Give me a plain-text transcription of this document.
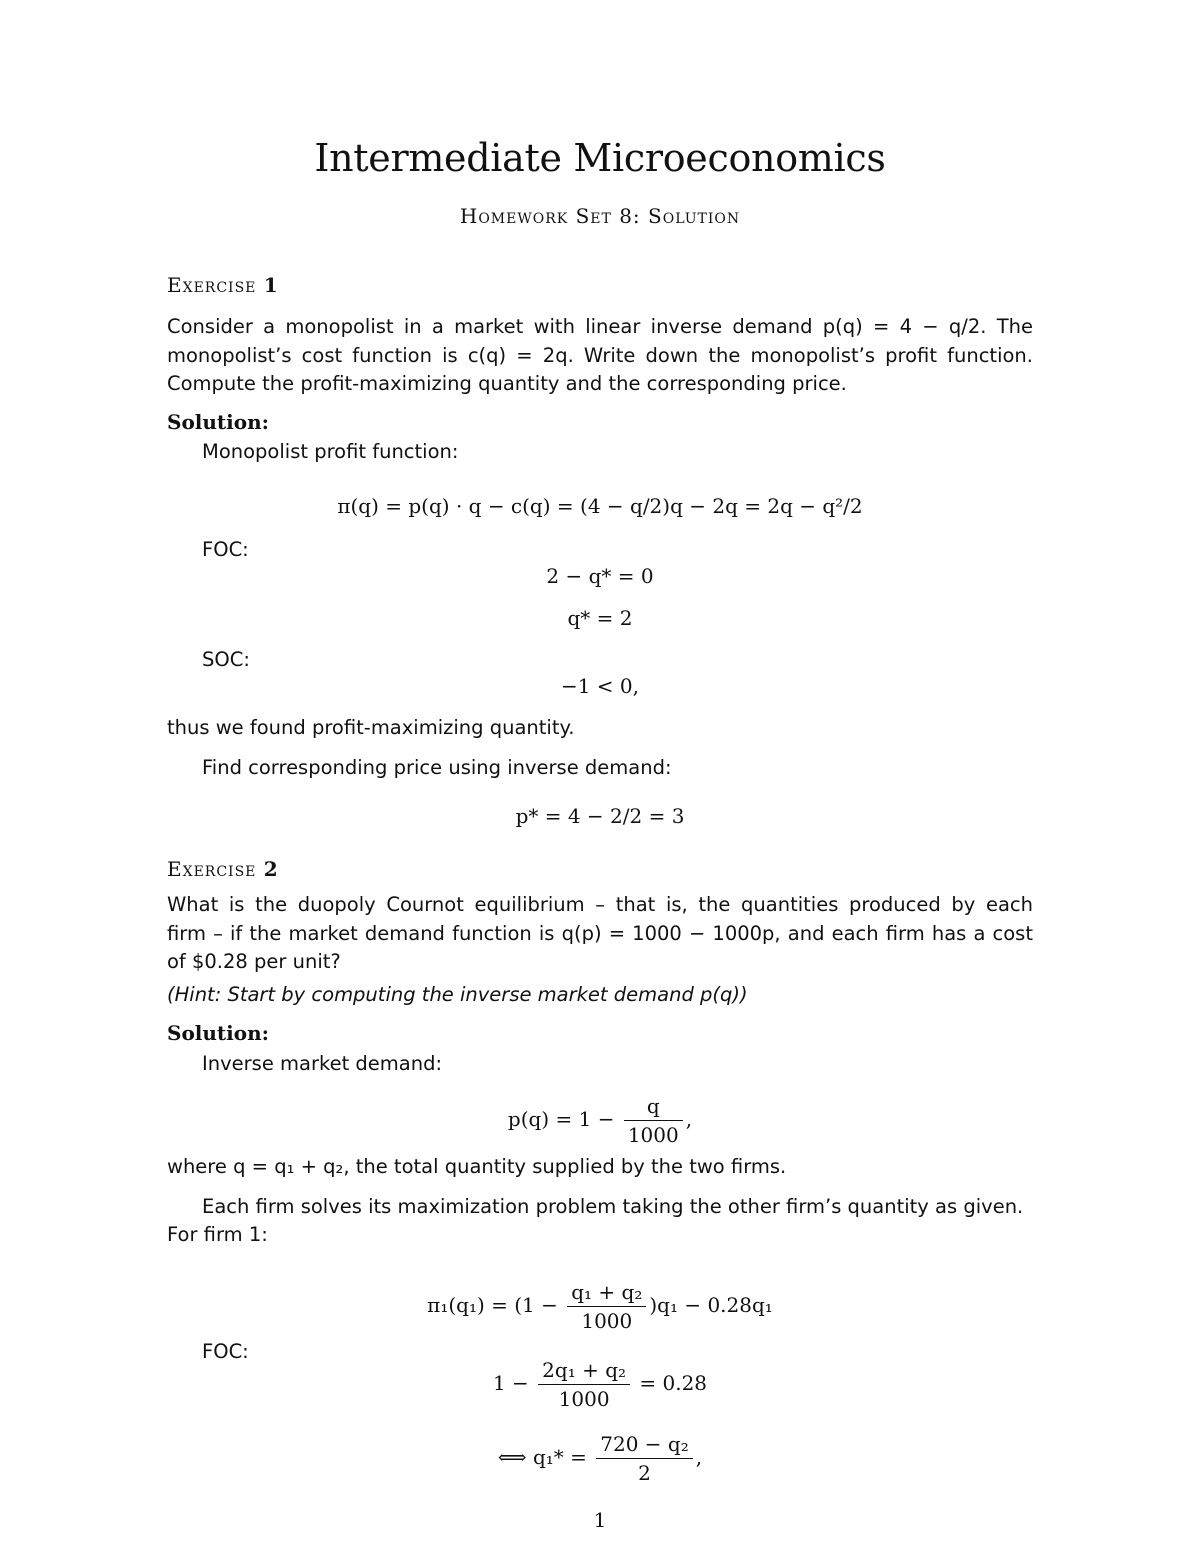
Intermediate Microeconomics
Homework Set 8: Solution
Exercise 1
Consider a monopolist in a market with linear inverse demand p(q) = 4 − q/2. The
monopolist’s cost function is c(q) = 2q. Write down the monopolist’s profit function.
Compute the profit-maximizing quantity and the corresponding price.
Solution:
Monopolist profit function:
π(q) = p(q) · q − c(q) = (4 − q/2)q − 2q = 2q − q²/2
FOC:
2 − q* = 0
q* = 2
SOC:
−1 < 0,
thus we found profit-maximizing quantity.
Find corresponding price using inverse demand:
p* = 4 − 2/2 = 3
Exercise 2
What is the duopoly Cournot equilibrium – that is, the quantities produced by each
firm – if the market demand function is q(p) = 1000 − 1000p, and each firm has a cost
of $0.28 per unit?
(Hint: Start by computing the inverse market demand p(q))
Solution:
Inverse market demand:
$p(q) = 1 - \frac{q}{1000}$ ,
where q = q₁ + q₂, the total quantity supplied by the two firms.
Each firm solves its maximization problem taking the other firm’s quantity as given.
For firm 1:
$\pi_1(q_1) = (1 - \frac{\text{q₁ + q₂}}{1000} )q_1 - 0.28q_1$
FOC:
$1 - \frac{\text{2q₁ + q₂}}{1000} = 0.28$
⟺ $q_1* = \frac{\text{720 − q₂}}{2}$ ,
1
